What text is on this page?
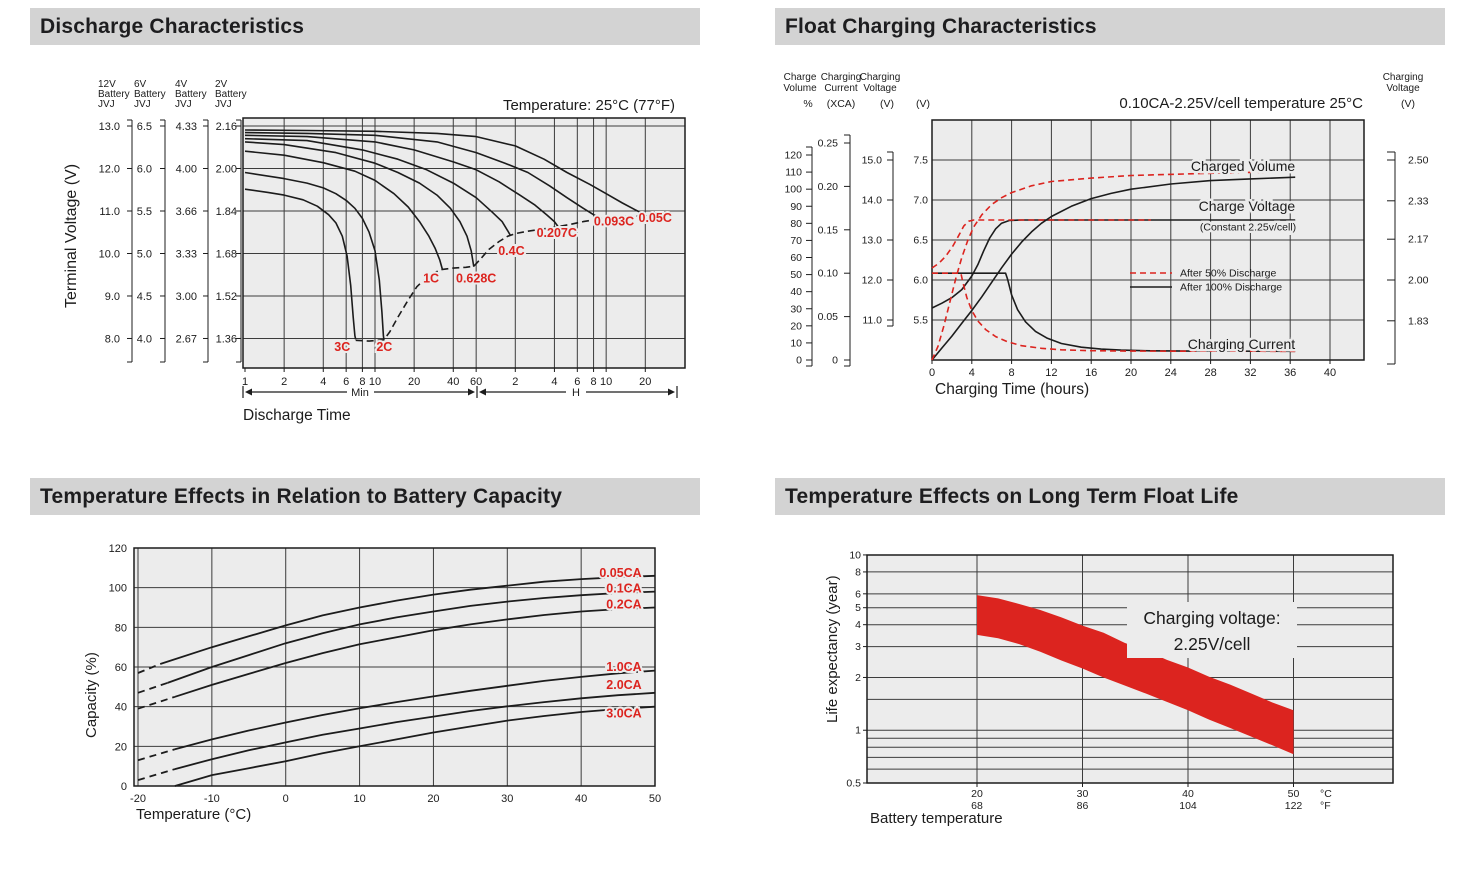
Discharge Characteristics
3C 2C
1C 0.628C
0.4C
0.207C
0.093C 0.05C
12V
Battery
JVJ
13.0
12.0
11.0
10.0
9.0
8.0
6V
Battery
JVJ
6.5
6.0
5.5
5.0
4.5
4.0
4V
Battery
JVJ
4.33
4.00
3.66
3.33
3.00
2.67
2V
Battery
JVJ
2.16
2.00
1.84
1.68
1.52
1.36
Terminal Voltage (V)
Temperature: 25°C (77°F)
1	2	4 6 8 10 20 40 60	2	4 6 8 10 20
Min	H
Discharge Time
Float Charging Characteristics
Charged Volume
Charge Voltage
(Constant 2.25v/cell)
Charging Current
After 50% Discharge
After 100% Discharge
Charge
Volume
%
0
10
20
30
40
50
60
70
80
90
100
110
120
Charging
Current
(XCA)
0
0.05
0.10
0.15
0.20
0.25
Charging
Voltage
(V)
11.0
12.0
13.0
14.0
15.0
(V)
5.5
6.0
6.5
7.0
7.5
Charging
Voltage
(V)
1.83
2.00
2.17
2.33
2.50
0.10CA-2.25V/cell temperature 25°C
0	4	8	12	16	20	24	28	32	36	40
Charging Time (hours)
Temperature Effects in Relation to Battery Capacity
0.05CA
0.1CA
0.2CA
1.0CA
2.0CA
3.0CA
-20	-10	0	10	20	30	40	50
0
20
40
60
80
100
120
Temperature (°C)
Capacity (%)
Temperature Effects on Long Term Float Life
Charging voltage:
2.25V/cell
10
8
6
5
4
3
2
1
0.5
20
68
30
86
40
104
50
122
°C
°F
Battery temperature
Life expectancy (year)
